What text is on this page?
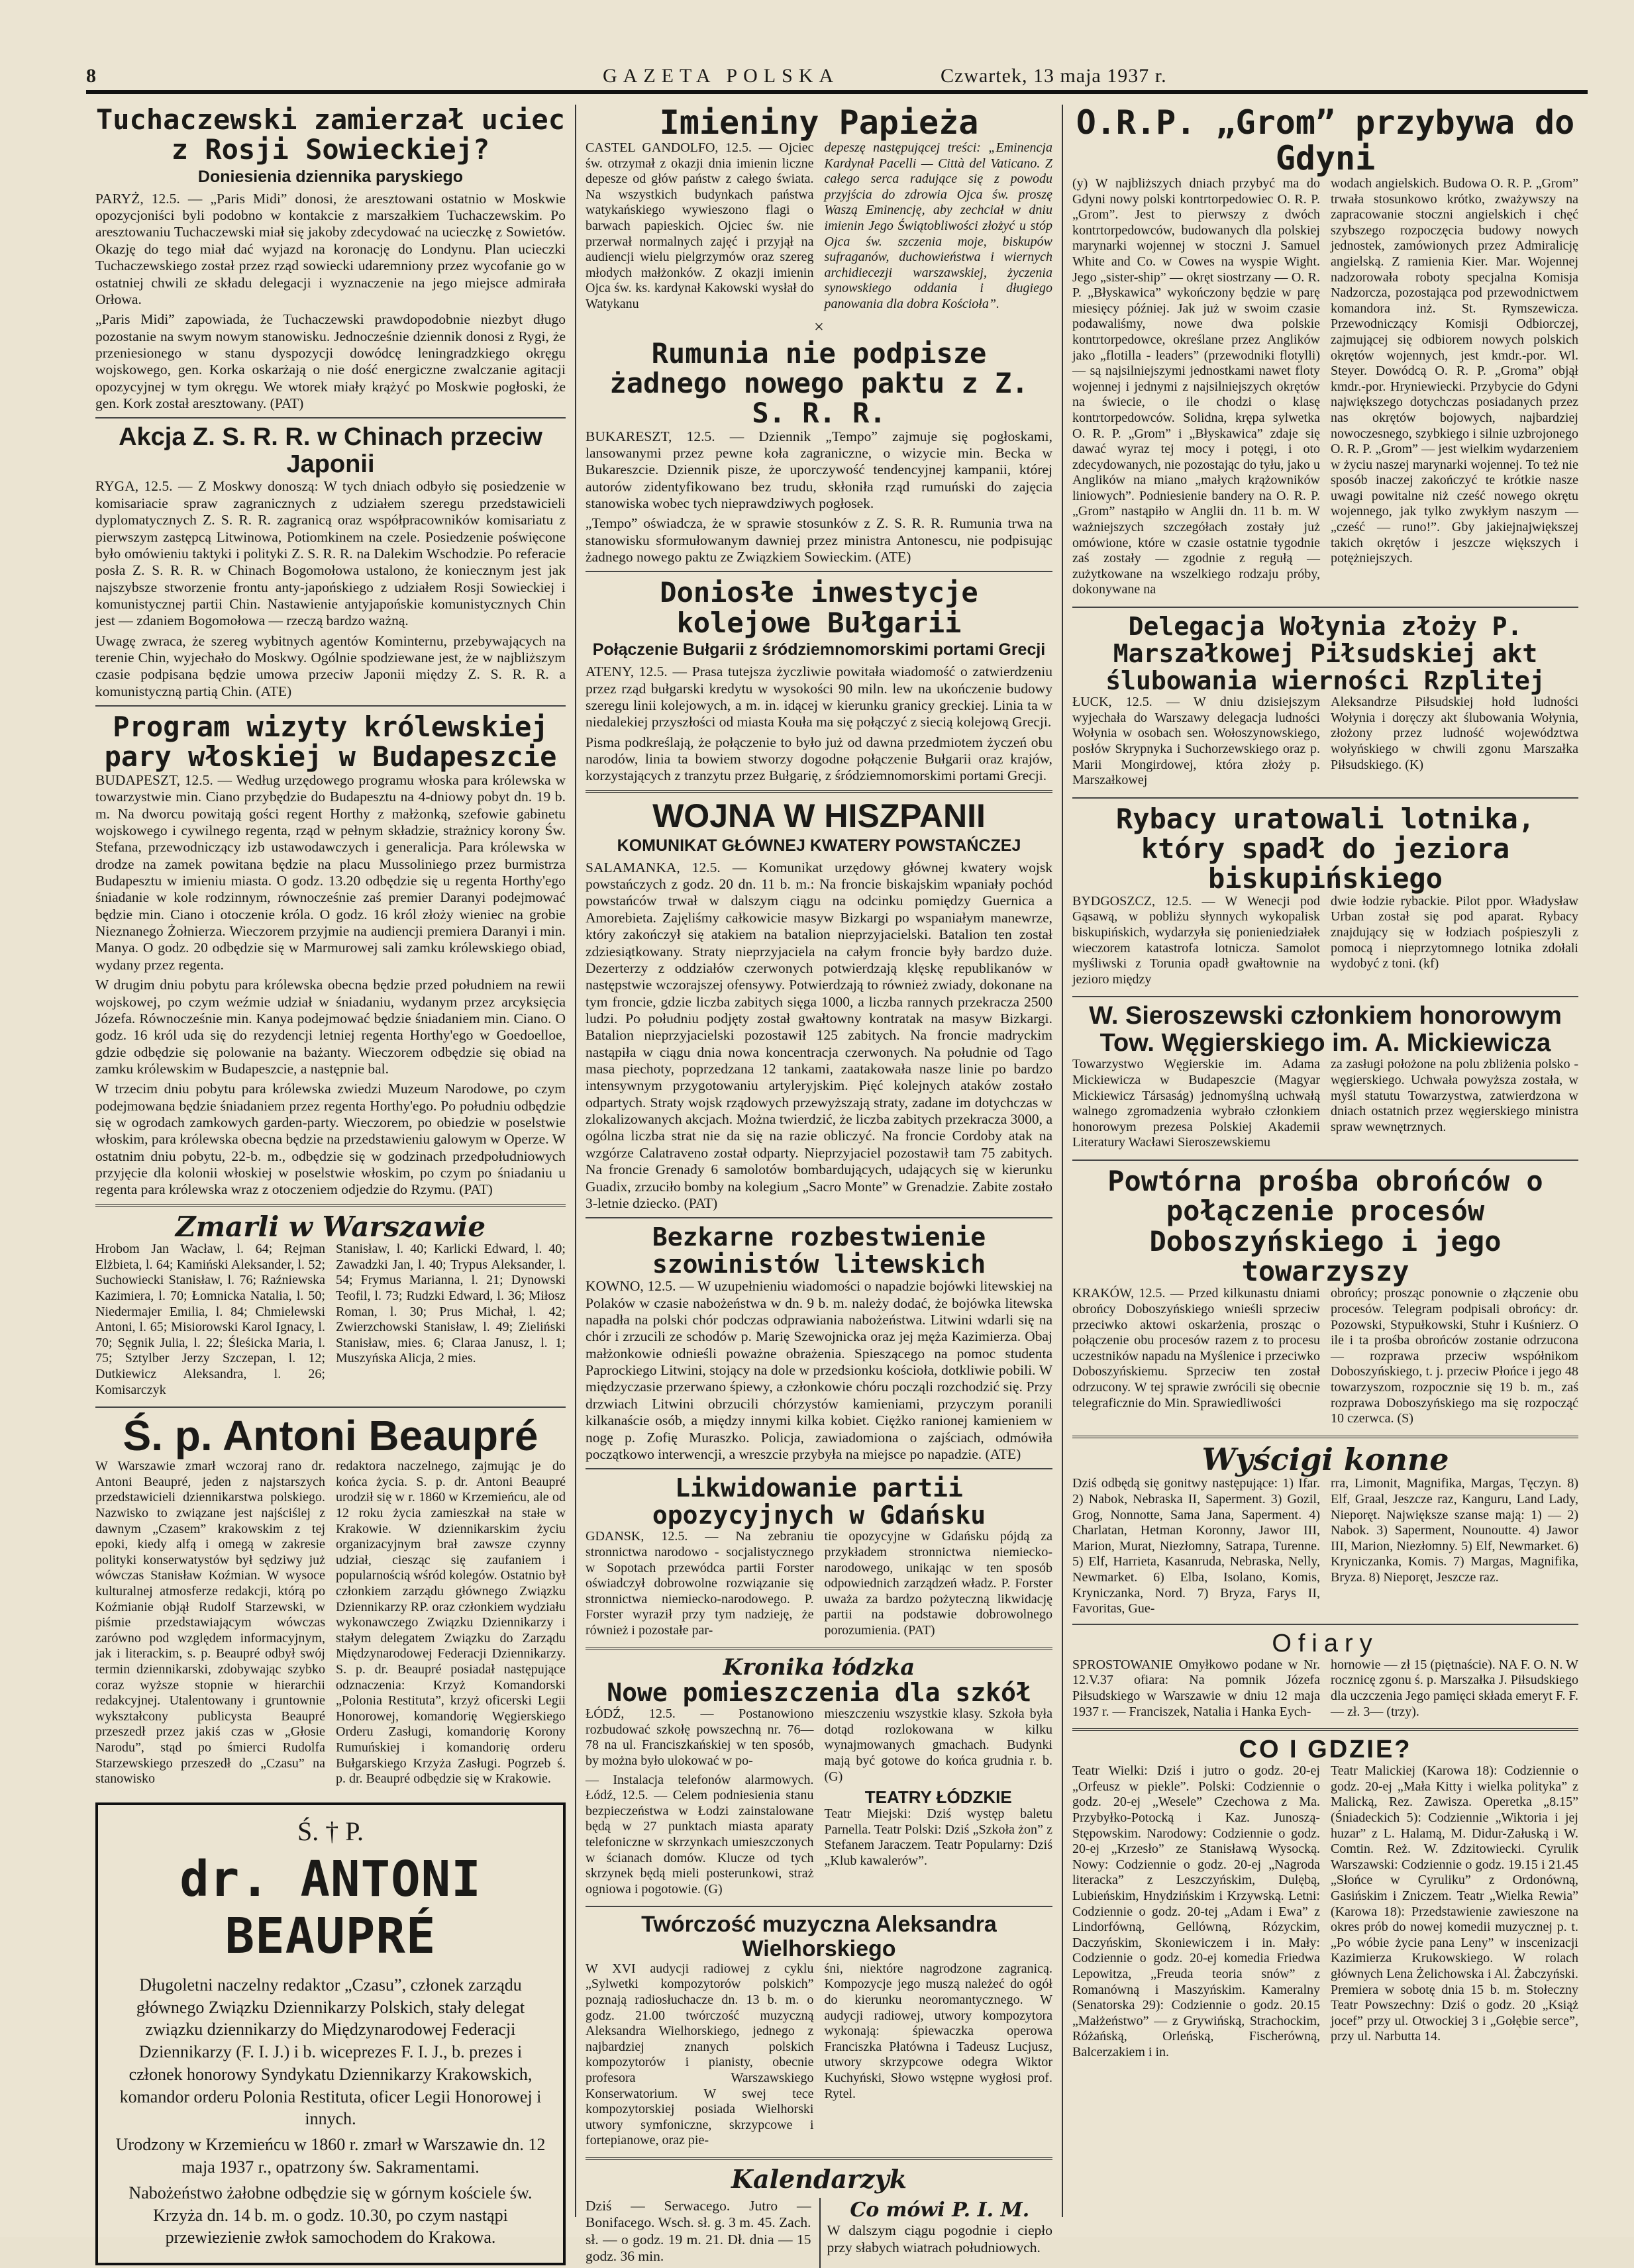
8	GAZETA POLSKA	Czwartek, 13 maja 1937 r.
Tuchaczewski zamierzał uciec z Rosji Sowieckiej?
Doniesienia dziennika paryskiego

PARYŻ, 12.5. — „Paris Midi” donosi, że aresztowani ostatnio w Moskwie opozycjoniści byli podobno w kontakcie z marszałkiem Tuchaczewskim. Po aresztowaniu Tuchaczewski miał się jakoby zdecydować na ucieczkę z Sowietów. Okazję do tego miał dać wyjazd na koronację do Londynu. Plan ucieczki Tuchaczewskiego został przez rząd sowiecki udaremniony przez wycofanie go w ostatniej chwili ze składu delegacji i wyznaczenie na jego miejsce admirała Orłowa.

„Paris Midi” zapowiada, że Tuchaczewski prawdopodobnie niezbyt długo pozostanie na swym nowym stanowisku. Jednocześnie dziennik donosi z Rygi, że przeniesionego w stanu dyspozycji dowódcę leningradzkiego okręgu wojskowego, gen. Korka oskarżają o nie dość energiczne zwalczanie agitacji opozycyjnej w tym okręgu. We wtorek miały krążyć po Moskwie pogłoski, że gen. Kork został aresztowany. (PAT)

Akcja Z. S. R. R. w Chinach przeciw Japonii

RYGA, 12.5. — Z Moskwy donoszą: W tych dniach odbyło się posiedzenie w komisariacie spraw zagranicznych z udziałem szeregu przedstawicieli dyplomatycznych Z. S. R. R. zagranicą oraz współpracowników komisariatu z pierwszym zastępcą Litwinowa, Potiomkinem na czele. Posiedzenie poświęcone było omówieniu taktyki i polityki Z. S. R. R. na Dalekim Wschodzie. Po referacie posła Z. S. R. R. w Chinach Bogomołowa ustalono, że koniecznym jest jak najszybsze stworzenie frontu anty-japońskiego z udziałem Rosji Sowieckiej i komunistycznej partii Chin. Nastawienie antyjapońskie komunistycznych Chin jest — zdaniem Bogomołowa — rzeczą bardzo ważną.

Uwagę zwraca, że szereg wybitnych agentów Kominternu, przebywających na terenie Chin, wyjechało do Moskwy. Ogólnie spodziewane jest, że w najbliższym czasie podpisana będzie umowa przeciw Japonii między Z. S. R. R. a komunistyczną partią Chin. (ATE)

Program wizyty królewskiej pary włoskiej w Budapeszcie

BUDAPESZT, 12.5. — Według urzędowego programu włoska para królewska w towarzystwie min. Ciano przybędzie do Budapesztu na 4-dniowy pobyt dn. 19 b. m. Na dworcu powitają gości regent Horthy z małżonką, szefowie gabinetu wojskowego i cywilnego regenta, rząd w pełnym składzie, strażnicy korony Św. Stefana, przewodniczący izb ustawodawczych i generalicja. Para królewska w drodze na zamek powitana będzie na placu Mussoliniego przez burmistrza Budapesztu w imieniu miasta. O godz. 13.20 odbędzie się u regenta Horthy'ego śniadanie w kole rodzinnym, równocześnie zaś premier Daranyi podejmować będzie min. Ciano i otoczenie króla. O godz. 16 król złoży wieniec na grobie Nieznanego Żołnierza. Wieczorem przyjmie na audiencji premiera Daranyi i min. Manya. O godz. 20 odbędzie się w Marmurowej sali zamku królewskiego obiad, wydany przez regenta.

W drugim dniu pobytu para królewska obecna będzie przed południem na rewii wojskowej, po czym weźmie udział w śniadaniu, wydanym przez arcyksięcia Józefa. Równocześnie min. Kanya podejmować będzie śniadaniem min. Ciano. O godz. 16 król uda się do rezydencji letniej regenta Horthy'ego w Goedoelloe, gdzie odbędzie się polowanie na bażanty. Wieczorem odbędzie się obiad na zamku królewskim w Budapeszcie, a następnie bal.

W trzecim dniu pobytu para królewska zwiedzi Muzeum Narodowe, po czym podejmowana będzie śniadaniem przez regenta Horthy'ego. Po południu odbędzie się w ogrodach zamkowych garden-party. Wieczorem, po obiedzie w poselstwie włoskim, para królewska obecna będzie na przedstawieniu galowym w Operze. W ostatnim dniu pobytu, 22-b. m., odbędzie się w godzinach przedpołudniowych przyjęcie dla kolonii włoskiej w poselstwie włoskim, po czym po śniadaniu u regenta para królewska wraz z otoczeniem odjedzie do Rzymu. (PAT)

Zmarli w Warszawie

Hrobom Jan Wacław, l. 64; Rejman Elżbieta, l. 64; Kamiński Aleksander, l. 52; Suchowiecki Stanisław, l. 76; Raźniewska Kazimiera, l. 70; Łomnicka Natalia, l. 50; Niedermajer Emilia, l. 84; Chmielewski Antoni, l. 65; Misiorowski Karol Ignacy, l. 70; Sęgnik Julia, l. 22; Śleśicka Maria, l. 75; Sztylber Jerzy Szczepan, l. 12; Dutkiewicz Aleksandra, l. 26; Komisarczyk

Stanisław, l. 40; Karlicki Edward, l. 40; Zawadzki Jan, l. 40; Trypus Aleksander, l. 54; Frymus Marianna, l. 21; Dynowski Teofil, l. 73; Rudzki Edward, l. 36; Miłosz Roman, l. 30; Prus Michał, l. 42; Zwierzchowski Stanisław, l. 49; Zieliński Stanisław, mies. 6; Claraa Janusz, l. 1; Muszyńska Alicja, 2 mies.

Ś. p. Antoni Beaupré

W Warszawie zmarł wczoraj rano dr. Antoni Beaupré, jeden z najstarszych przedstawicieli dziennikarstwa polskiego. Nazwisko to związane jest najściślej z dawnym „Czasem” krakowskim z tej epoki, kiedy alfą i omegą w zakresie polityki konserwatystów był sędziwy już wówczas Stanisław Koźmian. W wysoce kulturalnej atmosferze redakcji, którą po Koźmianie objął Rudolf Starzewski, w piśmie przedstawiającym wówczas zarówno pod względem informacyjnym, jak i literackim, s. p. Beaupré odbył swój termin dziennikarski, zdobywając szybko coraz wyższe stopnie w hierarchii redakcyjnej. Utalentowany i gruntownie wykształcony publicysta Beaupré przeszedł przez jakiś czas w „Głosie Narodu”, stąd po śmierci Rudolfa Starzewskiego przeszedł do „Czasu” na stanowisko

redaktora naczelnego, zajmując je do końca życia. S. p. dr. Antoni Beaupré urodził się w r. 1860 w Krzemieńcu, ale od 12 roku życia zamieszkał na stałe w Krakowie. W dziennikarskim życiu organizacyjnym brał zawsze czynny udział, ciesząc się zaufaniem i popularnością wśród kolegów. Ostatnio był członkiem zarządu głównego Związku Dziennikarzy RP. oraz członkiem wydziału wykonawczego Związku Dziennikarzy i stałym delegatem Związku do Zarządu Międzynarodowej Federacji Dziennikarzy. S. p. dr. Beaupré posiadał następujące odznaczenia: Krzyż Komandorski „Polonia Restituta”, krzyż oficerski Legii Honorowej, komandorię Węgierskiego Orderu Zasługi, komandorię Korony Rumuńskiej i komandorię orderu Bułgarskiego Krzyża Zasługi. Pogrzeb ś. p. dr. Beaupré odbędzie się w Krakowie.

Ś. † P.
dr. ANTONI BEAUPRÉ

Długoletni naczelny redaktor „Czasu”, członek zarządu głównego Związku Dziennikarzy Polskich, stały delegat związku dziennikarzy do Międzynarodowej Federacji Dziennikarzy (F. I. J.) i b. wiceprezes F. I. J., b. prezes i członek honorowy Syndykatu Dziennikarzy Krakowskich, komandor orderu Polonia Restituta, oficer Legii Honorowej i innych.

Urodzony w Krzemieńcu w 1860 r. zmarł w Warszawie dn. 12 maja 1937 r., opatrzony św. Sakramentami.

Nabożeństwo żałobne odbędzie się w górnym kościele św. Krzyża dn. 14 b. m. o godz. 10.30, po czym nastąpi przewiezienie zwłok samochodem do Krakowa.

Imieniny Papieża

CASTEL GANDOLFO, 12.5. — Ojciec św. otrzymał z okazji dnia imienin liczne depesze od głów państw z całego świata. Na wszystkich budynkach państwa watykańskiego wywieszono flagi o barwach papieskich. Ojciec św. nie przerwał normalnych zajęć i przyjął na audiencji wielu pielgrzymów oraz szereg młodych małżonków. Z okazji imienin Ojca św. ks. kardynał Kakowski wysłał do Watykanu

depeszę następującej treści: „Eminencja Kardynał Pacelli — Città del Vaticano. Z całego serca radujące się z powodu przyjścia do zdrowia Ojca św. proszę Waszą Eminencję, aby zechciał w dniu imienin Jego Świątobliwości złożyć u stóp Ojca św. szczenia moje, biskupów sufraganów, duchowieństwa i wiernych archidiecezji warszawskiej, życzenia synowskiego oddania i długiego panowania dla dobra Kościoła”.

×
Rumunia nie podpisze żadnego nowego paktu z Z. S. R. R.

BUKARESZT, 12.5. — Dziennik „Tempo” zajmuje się pogłoskami, lansowanymi przez pewne koła zagraniczne, o wizycie min. Becka w Bukareszcie. Dziennik pisze, że uporczywość tendencyjnej kampanii, której autorów zidentyfikowano bez trudu, skłoniła rząd rumuński do zajęcia stanowiska wobec tych nieprawdziwych pogłosek.

„Tempo” oświadcza, że w sprawie stosunków z Z. S. R. R. Rumunia trwa na stanowisku sformułowanym dawniej przez ministra Antonescu, nie podpisując żadnego nowego paktu ze Związkiem Sowieckim. (ATE)

Doniosłe inwestycje kolejowe Bułgarii
Połączenie Bułgarii z śródziemnomorskimi portami Grecji

ATENY, 12.5. — Prasa tutejsza życzliwie powitała wiadomość o zatwierdzeniu przez rząd bułgarski kredytu w wysokości 90 miln. lew na ukończenie budowy szeregu linii kolejowych, a m. in. idącej w kierunku granicy greckiej. Linia ta w niedalekiej przyszłości od miasta Kouła ma się połączyć z siecią kolejową Grecji.

Pisma podkreślają, że połączenie to było już od dawna przedmiotem życzeń obu narodów, linia ta bowiem stworzy dogodne połączenie Bułgarii oraz krajów, korzystających z tranzytu przez Bułgarię, z śródziemnomorskimi portami Grecji.

WOJNA W HISZPANII
KOMUNIKAT GŁÓWNEJ KWATERY POWSTAŃCZEJ

SALAMANKA, 12.5. — Komunikat urzędowy głównej kwatery wojsk powstańczych z godz. 20 dn. 11 b. m.: Na froncie biskajskim wpaniały pochód powstańców trwał w dalszym ciągu na odcinku pomiędzy Guernica a Amorebieta. Zajęliśmy całkowicie masyw Bizkargi po wspaniałym manewrze, który zakończył się atakiem na batalion nieprzyjacielski. Batalion ten został zdziesiątkowany. Straty nieprzyjaciela na całym froncie były bardzo duże. Dezerterzy z oddziałów czerwonych potwierdzają klęskę republikanów w następstwie wczorajszej ofensywy. Potwierdzają to również zwiady, dokonane na tym froncie, gdzie liczba zabitych sięga 1000, a liczba rannych przekracza 2500 ludzi. Po południu podjęty został gwałtowny kontratak na masyw Bizkargi. Batalion nieprzyjacielski pozostawił 125 zabitych. Na froncie madryckim nastąpiła w ciągu dnia nowa koncentracja czerwonych. Na południe od Tago masa piechoty, poprzedzana 12 tankami, zaatakowała nasze linie po bardzo intensywnym przygotowaniu artyleryjskim. Pięć kolejnych ataków zostało odpartych. Straty wojsk rządowych przewyższają straty, zadane im dotychczas w zlokalizowanych akcjach. Można twierdzić, że liczba zabitych przekracza 3000, a ogólna liczba strat nie da się na razie obliczyć. Na froncie Cordoby atak na wzgórze Calatraveno został odparty. Nieprzyjaciel pozostawił tam 75 zabitych. Na froncie Grenady 6 samolotów bombardujących, udających się w kierunku Guadix, zrzuciło bomby na kolegium „Sacro Monte” w Grenadzie. Zabite zostało 3-letnie dziecko. (PAT)

Bezkarne rozbestwienie szowinistów litewskich

KOWNO, 12.5. — W uzupełnieniu wiadomości o napadzie bojówki litewskiej na Polaków w czasie nabożeństwa w dn. 9 b. m. należy dodać, że bojówka litewska napadła na polski chór podczas odprawiania nabożeństwa. Litwini wdarli się na chór i zrzucili ze schodów p. Marię Szewojnicka oraz jej męża Kazimierza. Obaj małżonkowie odnieśli poważne obrażenia. Spieszącego na pomoc studenta Paprockiego Litwini, stojący na dole w przedsionku kościoła, dotkliwie pobili. W międzyczasie przerwano śpiewy, a członkowie chóru począli rozchodzić się. Przy drzwiach Litwini obrzucili chórzystów kamieniami, przyczym poranili kilkanaście osób, a między innymi kilka kobiet. Ciężko ranionej kamieniem w nogę p. Zofię Muraszko. Policja, zawiadomiona o zajściach, odmówiła początkowo interwencji, a wreszcie przybyła na miejsce po napadzie. (ATE)

Likwidowanie partii opozycyjnych w Gdańsku

GDANSK, 12.5. — Na zebraniu stronnictwa narodowo - socjalistycznego w Sopotach przewódca partii Forster oświadczył dobrowolne rozwiązanie się stronnictwa niemiecko-narodowego. P. Forster wyraził przy tym nadzieję, że również i pozostałe par-

tie opozycyjne w Gdańsku pójdą za przykładem stronnictwa niemiecko-narodowego, unikając w ten sposób odpowiednich zarządzeń władz. P. Forster uważa za bardzo pożyteczną likwidację partii na podstawie dobrowolnego porozumienia. (PAT)

Kronika łódzka
Nowe pomieszczenia dla szkół

ŁÓDŹ, 12.5. — Postanowiono rozbudować szkołę powszechną nr. 76—78 na ul. Franciszkańskiej w ten sposób, by można było ulokować w po-

— Instalacja telefonów alarmowych. Łódź, 12.5. — Celem podniesienia stanu bezpieczeństwa w Łodzi zainstalowane będą w 27 punktach miasta aparaty telefoniczne w skrzynkach umieszczonych w ścianach domów. Klucze od tych skrzynek będą mieli posterunkowi, straż ogniowa i pogotowie. (G)

mieszczeniu wszystkie klasy. Szkoła była dotąd rozlokowana w kilku wynajmowanych gmachach. Budynki mają być gotowe do końca grudnia r. b. (G)

TEATRY ŁÓDZKIE

Teatr Miejski: Dziś występ baletu Parnella. Teatr Polski: Dziś „Szkoła żon” z Stefanem Jaraczem. Teatr Popularny: Dziś „Klub kawalerów”.

Twórczość muzyczna Aleksandra Wielhorskiego

W XVI audycji radiowej z cyklu „Sylwetki kompozytorów polskich” poznają radiosłuchacze dn. 13 b. m. o godz. 21.00 twórczość muzyczną Aleksandra Wielhorskiego, jednego z najbardziej znanych polskich kompozytorów i pianisty, obecnie profesora Warszawskiego Konserwatorium. W swej tece kompozytorskiej posiada Wielhorski utwory symfoniczne, skrzypcowe i fortepianowe, oraz pie-

śni, niektóre nagrodzone zagranicą. Kompozycje jego muszą należeć do ogół do kierunku neoromantycznego. W audycji radiowej, utwory kompozytora wykonają: śpiewaczka operowa Franciszka Płatówna i Tadeusz Lucjusz, utwory skrzypcowe odegra Wiktor Kuchyński, Słowo wstępne wygłosi prof. Rytel.

Kalendarzyk

Dziś — Serwacego. Jutro — Bonifacego. Wsch. sł. g. 3 m. 45. Zach. sł. — o godz. 19 m. 21. Dł. dnia — 15 godz. 36 min.

Co mówi P. I. M.

W dalszym ciągu pogodnie i ciepło przy słabych wiatrach południowych.

O.R.P. „Grom” przybywa do Gdyni

(y) W najbliższych dniach przybyć ma do Gdyni nowy polski kontrtorpedowiec O. R. P. „Grom”. Jest to pierwszy z dwóch kontrtorpedowców, budowanych dla polskiej marynarki wojennej w stoczni J. Samuel White and Co. w Cowes na wyspie Wight. Jego „sister-ship” — okręt siostrzany — O. R. P. „Błyskawica” wykończony będzie w parę miesięcy później. Jak już w swoim czasie podawaliśmy, nowe dwa polskie kontrtorpedowce, określane przez Anglików jako „flotilla - leaders” (przewodniki flotylli) — są najsilniejszymi jednostkami nawet floty wojennej i jednymi z najsilniejszych okrętów na świecie, o ile chodzi o klasę kontrtorpedowców. Solidna, krępa sylwetka O. R. P. „Grom” i „Błyskawica” zdaje się dawać wyraz tej mocy i potęgi, i oto zdecydowanych, nie pozostając do tyłu, jako u Anglików na miano „małych krążowników liniowych”. Podniesienie bandery na O. R. P. „Grom” nastąpiło w Anglii dn. 11 b. m. W ważniejszych szczegółach zostały już omówione, które w czasie ostatnie tygodnie zaś zostały — zgodnie z regułą — zużytkowane na wszelkiego rodzaju próby, dokonywane na

wodach angielskich. Budowa O. R. P. „Grom” trwała stosunkowo krótko, zważywszy na zapracowanie stoczni angielskich i chęć szybszego rozpoczęcia budowy nowych jednostek, zamówionych przez Admiralicję angielską. Z ramienia Kier. Mar. Wojennej nadzorowała roboty specjalna Komisja Nadzorcza, pozostająca pod przewodnictwem komandora inż. St. Rymszewicza. Przewodniczący Komisji Odbiorczej, zajmującej się odbiorem nowych polskich okrętów wojennych, jest kmdr.-por. Wl. Steyer. Dowódcą O. R. P. „Groma” objął kmdr.-por. Hryniewiecki. Przybycie do Gdyni największego dotychczas posiadanych przez nas okrętów bojowych, najbardziej nowoczesnego, szybkiego i silnie uzbrojonego O. R. P. „Grom” — jest wielkim wydarzeniem w życiu naszej marynarki wojennej. To też nie sposób inaczej zakończyć te krótkie nasze uwagi powitalne niż cześć nowego okrętu wojennego, jak tylko zwykłym naszym — „cześć — runo!”. Gby jakiejnajwiększej takich okrętów i jeszcze większych i potężniejszych.

Delegacja Wołynia złoży P. Marszałkowej Piłsudskiej akt ślubowania wierności Rzplitej

ŁUCK, 12.5. — W dniu dzisiejszym wyjechała do Warszawy delegacja ludności Wołynia w osobach sen. Wołoszynowskiego, posłów Skrypnyka i Suchorzewskiego oraz p. Marii Mongirdowej, która złoży p. Marszałkowej

Aleksandrze Piłsudskiej hołd ludności Wołynia i doręczy akt ślubowania Wołynia, złożony przez ludność województwa wołyńskiego w chwili zgonu Marszałka Piłsudskiego. (K)

Rybacy uratowali lotnika, który spadł do jeziora biskupińskiego

BYDGOSZCZ, 12.5. — W Wenecji pod Gąsawą, w pobliżu słynnych wykopalisk biskupińskich, wydarzyła się ponieniedziałek wieczorem katastrofa lotnicza. Samolot myśliwski z Torunia opadł gwałtownie na jezioro między

dwie łodzie rybackie. Pilot ppor. Władysław Urban został się pod aparat. Rybacy znajdujący się w łodziach pośpieszyli z pomocą i nieprzytomnego lotnika zdołali wydobyć z toni. (kf)

W. Sieroszewski członkiem honorowym Tow. Węgierskiego im. A. Mickiewicza

Towarzystwo Węgierskie im. Adama Mickiewicza w Budapeszcie (Magyar Mickiewicz Társaság) jednomyślną uchwałą walnego zgromadzenia wybrało członkiem honorowym prezesa Polskiej Akademii Literatury Wacławi Sieroszewskiemu

za zasługi położone na polu zbliżenia polsko - węgierskiego. Uchwała powyższa została, w myśl statutu Towarzystwa, zatwierdzona w dniach ostatnich przez węgierskiego ministra spraw wewnętrznych.

Powtórna prośba obrońców o połączenie procesów Doboszyńskiego i jego towarzyszy

KRAKÓW, 12.5. — Przed kilkunastu dniami obrońcy Doboszyńskiego wnieśli sprzeciw przeciwko aktowi oskarżenia, prosząc o połączenie obu procesów razem z to procesu uczestników napadu na Myślenice i przeciwko Doboszyńskiemu. Sprzeciw ten został odrzucony. W tej sprawie zwrócili się obecnie telegraficznie do Min. Sprawiedliwości

obrońcy; prosząc ponownie o złączenie obu procesów. Telegram podpisali obrońcy: dr. Pozowski, Stypułkowski, Stuhr i Kuśnierz. O ile i ta prośba obrońców zostanie odrzucona — rozprawa przeciw współnikom Doboszyńskiego, t. j. przeciw Płońce i jego 48 towarzyszom, rozpocznie się 19 b. m., zaś rozprawa Doboszyńskiego ma się rozpocząć 10 czerwca. (S)

Wyścigi konne

Dziś odbędą się gonitwy następujące: 1) Ifar. 2) Nabok, Nebraska II, Saperment. 3) Gozil, Grog, Nonnotte, Sama Jana, Saperment. 4) Charlatan, Hetman Koronny, Jawor III, Marion, Murat, Niezłomny, Satrapa, Turenne. 5) Elf, Harrieta, Kasanruda, Nebraska, Nelly, Newmarket. 6) Elba, Isolano, Komis, Kryniczanka, Nord. 7) Bryza, Farys II, Favoritas, Gue-

rra, Limonit, Magnifika, Margas, Tęczyn. 8) Elf, Graal, Jeszcze raz, Kanguru, Land Lady, Nieporęt. Największe szanse mają: 1) — 2) Nabok. 3) Saperment, Nounoutte. 4) Jawor III, Marion, Niezłomny. 5) Elf, Newmarket. 6) Kryniczanka, Komis. 7) Margas, Magnifika, Bryza. 8) Nieporęt, Jeszcze raz.

Ofiary

SPROSTOWANIE Omyłkowo podane w Nr. 12.V.37 ofiara: Na pomnik Józefa Piłsudskiego w Warszawie w dniu 12 maja 1937 r. — Franciszek, Natalia i Hanka Eych-

hornowie — zł 15 (piętnaście). NA F. O. N. W rocznicę zgonu ś. p. Marszałka J. Piłsudskiego dla uczczenia Jego pamięci składa emeryt F. F. — zł. 3— (trzy).

CO I GDZIE?

Teatr Wielki: Dziś i jutro o godz. 20-ej „Orfeusz w piekle”. Polski: Codziennie o godz. 20-ej „Wesele” Czechowa z Ma. Przybyłko-Potocką i Kaz. Junoszą-Stępowskim. Narodowy: Codziennie o godz. 20-ej „Krzesło” ze Stanisławą Wysocką. Nowy: Codziennie o godz. 20-ej „Nagroda literacka” z Leszczyńskim, Dulębą, Lubieńskim, Hnydzińskim i Krzywską. Letni: Codziennie o godz. 20-tej „Adam i Ewa” z Lindorfówną, Gellówną, Rózyckim, Daczyńskim, Skoniewiczem i in. Mały: Codziennie o godz. 20-ej komedia Friedwa Lepowitza, „Freuda teoria snów” z Romanówną i Maszyńskim. Kameralny (Senatorska 29): Codziennie o godz. 20.15 „Małżeństwo” — z Grywińską, Strachockim, Różańską, Orleńską, Fischerówną, Balcerzakiem i in.

Teatr Malickiej (Karowa 18): Codziennie o godz. 20-ej „Mała Kitty i wielka polityka” z Malicką, Rez. Zawisza. Operetka „8.15” (Śniadeckich 5): Codziennie „Wiktoria i jej huzar” z L. Halamą, M. Didur-Załuską i W. Comtin. Reż. W. Zdzitowiecki. Cyrulik Warszawski: Codziennie o godz. 19.15 i 21.45 „Słońce w Cyruliku” z Ordonówną, Gasińskim i Zniczem. Teatr „Wielka Rewia” (Karowa 18): Przedstawienie zawieszone na okres prób do nowej komedii muzycznej p. t. „Po wóbie życie pana Leny” w inscenizacji Kazimierza Krukowskiego. W rolach głównych Lena Żelichowska i Al. Żabczyński. Premiera w sobotę dnia 15 b. m. Stołeczny Teatr Powszechny: Dziś o godz. 20 „Książ jocef” przy ul. Otwockiej 3 i „Gołębie serce”, przy ul. Narbutta 14.
